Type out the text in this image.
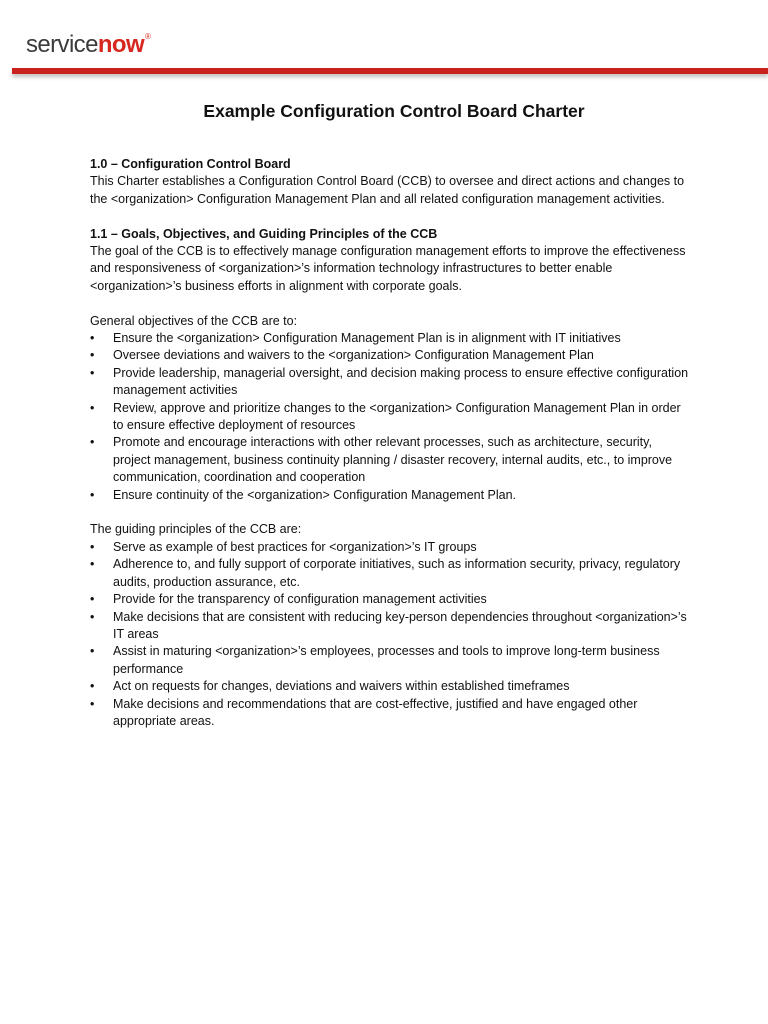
servicenow®
Example Configuration Control Board Charter

1.0 – Configuration Control Board

This Charter establishes a Configuration Control Board (CCB) to oversee and direct actions and changes to the <organization> Configuration Management Plan and all related configuration management activities.

1.1 – Goals, Objectives, and Guiding Principles of the CCB

The goal of the CCB is to effectively manage configuration management efforts to improve the effectiveness and responsiveness of <organization>’s information technology infrastructures to better enable <organization>’s business efforts in alignment with corporate goals.

General objectives of the CCB are to:

•	Ensure the <organization> Configuration Management Plan is in alignment with IT initiatives
•	Oversee deviations and waivers to the <organization> Configuration Management Plan
•	Provide leadership, managerial oversight, and decision making process to ensure effective configuration management activities
•	Review, approve and prioritize changes to the <organization> Configuration Management Plan in order to ensure effective deployment of resources
•	Promote and encourage interactions with other relevant processes, such as architecture, security, project management, business continuity planning / disaster recovery, internal audits, etc., to improve communication, coordination and cooperation
•	Ensure continuity of the <organization> Configuration Management Plan.

The guiding principles of the CCB are:

•	Serve as example of best practices for <organization>’s IT groups
•	Adherence to, and fully support of corporate initiatives, such as information security, privacy, regulatory audits, production assurance, etc.
•	Provide for the transparency of configuration management activities
•	Make decisions that are consistent with reducing key-person dependencies throughout <organization>’s IT areas
•	Assist in maturing <organization>’s employees, processes and tools to improve long-term business performance
•	Act on requests for changes, deviations and waivers within established timeframes
•	Make decisions and recommendations that are cost-effective, justified and have engaged other appropriate areas.
